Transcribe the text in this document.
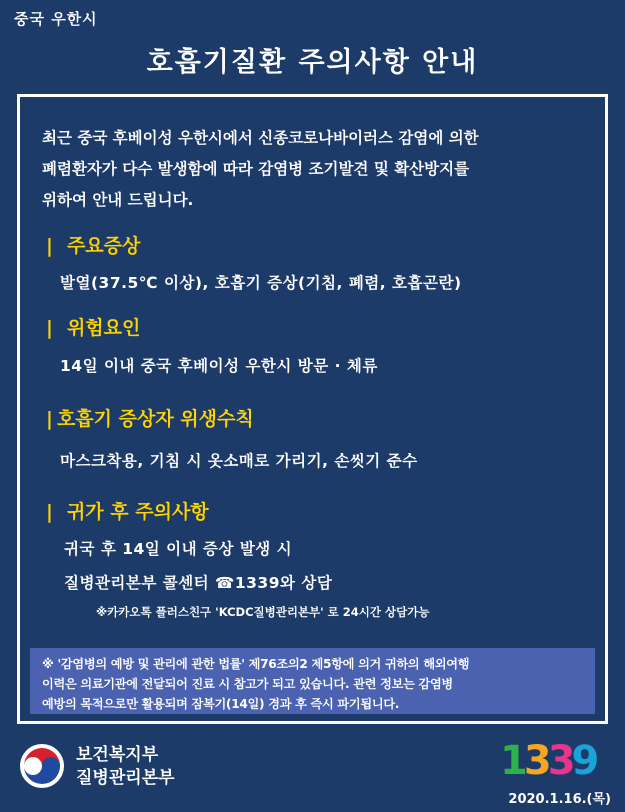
중국 우한시
호흡기질환 주의사항 안내
최근 중국 후베이성 우한시에서 신종코로나바이러스 감염에 의한
폐렴환자가 다수 발생함에 따라 감염병 조기발견 및 확산방지를
위하여 안내 드립니다.
| 주요증상
발열(37.5℃ 이상), 호흡기 증상(기침, 폐렴, 호흡곤란)
| 위험요인
14일 이내 중국 후베이성 우한시 방문 · 체류
| 호흡기 증상자 위생수칙
마스크착용, 기침 시 옷소매로 가리기, 손씻기 준수
| 귀가 후 주의사항
귀국 후 14일 이내 증상 발생 시
질병관리본부 콜센터 ☎1339와 상담
※카카오톡 플러스친구 'KCDC질병관리본부' 로 24시간 상담가능
※ '감염병의 예방 및 관리에 관한 법률' 제76조의2 제5항에 의거 귀하의 해외여행
이력은 의료기관에 전달되어 진료 시 참고가 되고 있습니다. 관련 정보는 감염병
예방의 목적으로만 활용되며 잠복기(14일) 경과 후 즉시 파기됩니다.
보건복지부
질병관리본부	1339
2020.1.16.(목)
